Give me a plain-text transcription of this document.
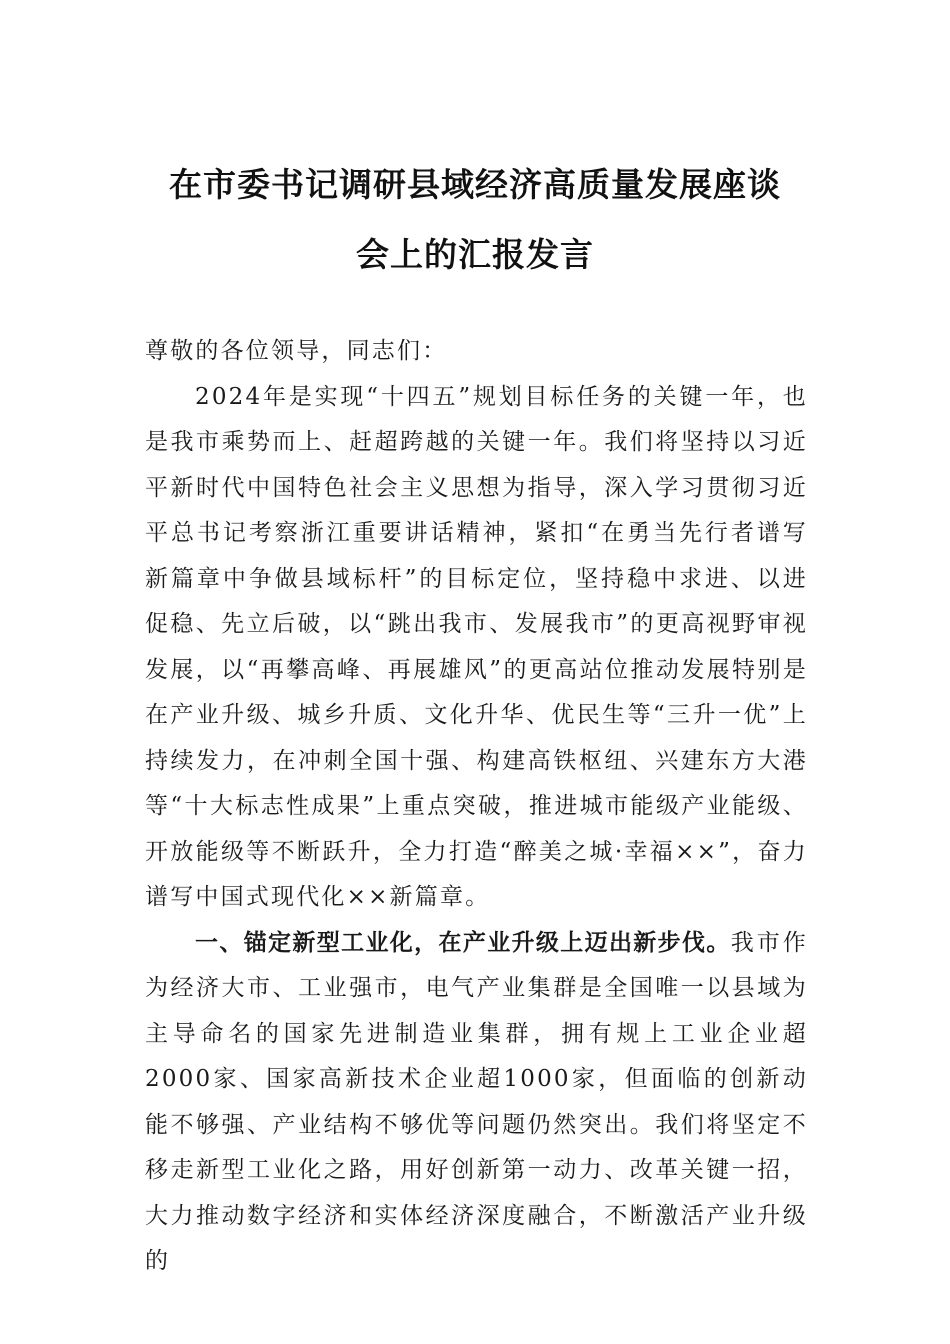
在市委书记调研县域经济高质量发展座谈
会上的汇报发言

尊敬的各位领导，同志们：

2024年是实现“十四五”规划目标任务的关键一年，也是我市乘势而上、赶超跨越的关键一年。我们将坚持以习近平新时代中国特色社会主义思想为指导，深入学习贯彻习近平总书记考察浙江重要讲话精神，紧扣“在勇当先行者谱写新篇章中争做县域标杆”的目标定位，坚持稳中求进、以进促稳、先立后破，以“跳出我市、发展我市”的更高视野审视发展，以“再攀高峰、再展雄风”的更高站位推动发展特别是在产业升级、城乡升质、文化升华、优民生等“三升一优”上持续发力，在冲刺全国十强、构建高铁枢纽、兴建东方大港等“十大标志性成果”上重点突破，推进城市能级产业能级、开放能级等不断跃升，全力打造“醉美之城·幸福××”，奋力谱写中国式现代化××新篇章。

一、锚定新型工业化，在产业升级上迈出新步伐。我市作为经济大市、工业强市，电气产业集群是全国唯一以县域为主导命名的国家先进制造业集群，拥有规上工业企业超2000家、国家高新技术企业超1000家，但面临的创新动能不够强、产业结构不够优等问题仍然突出。我们将坚定不移走新型工业化之路，用好创新第一动力、改革关键一招，大力推动数字经济和实体经济深度融合，不断激活产业升级的
